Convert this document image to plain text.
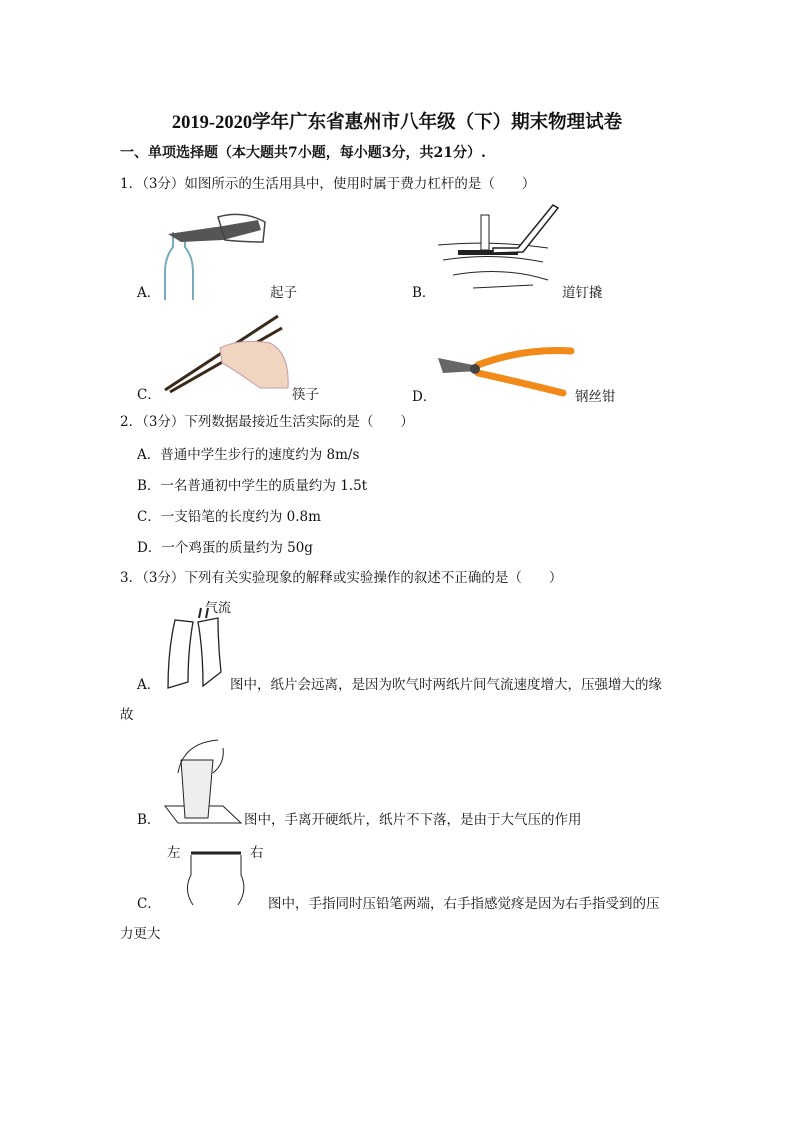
2019-2020学年广东省惠州市八年级（下）期末物理试卷
一、单项选择题（本大题共7小题，每小题3分，共21分）.
1．（3分）如图所示的生活用具中，使用时属于费力杠杆的是（　　）
A．	起子	B．	道钉撬
C．	筷子	D．	钢丝钳
2．（3分）下列数据最接近生活实际的是（　　）
A．普通中学生步行的速度约为 8m/s
B．一名普通初中学生的质量约为 1.5t
C．一支铅笔的长度约为 0.8m
D．一个鸡蛋的质量约为 50g
3．（3分）下列有关实验现象的解释或实验操作的叙述不正确的是（　　）
气流
A．	图中，纸片会远离，是因为吹气时两纸片间气流速度增大，压强增大的缘
故
B．	图中，手离开硬纸片，纸片不下落，是由于大气压的作用
左	右
C．	图中，手指同时压铅笔两端，右手指感觉疼是因为右手指受到的压
力更大
